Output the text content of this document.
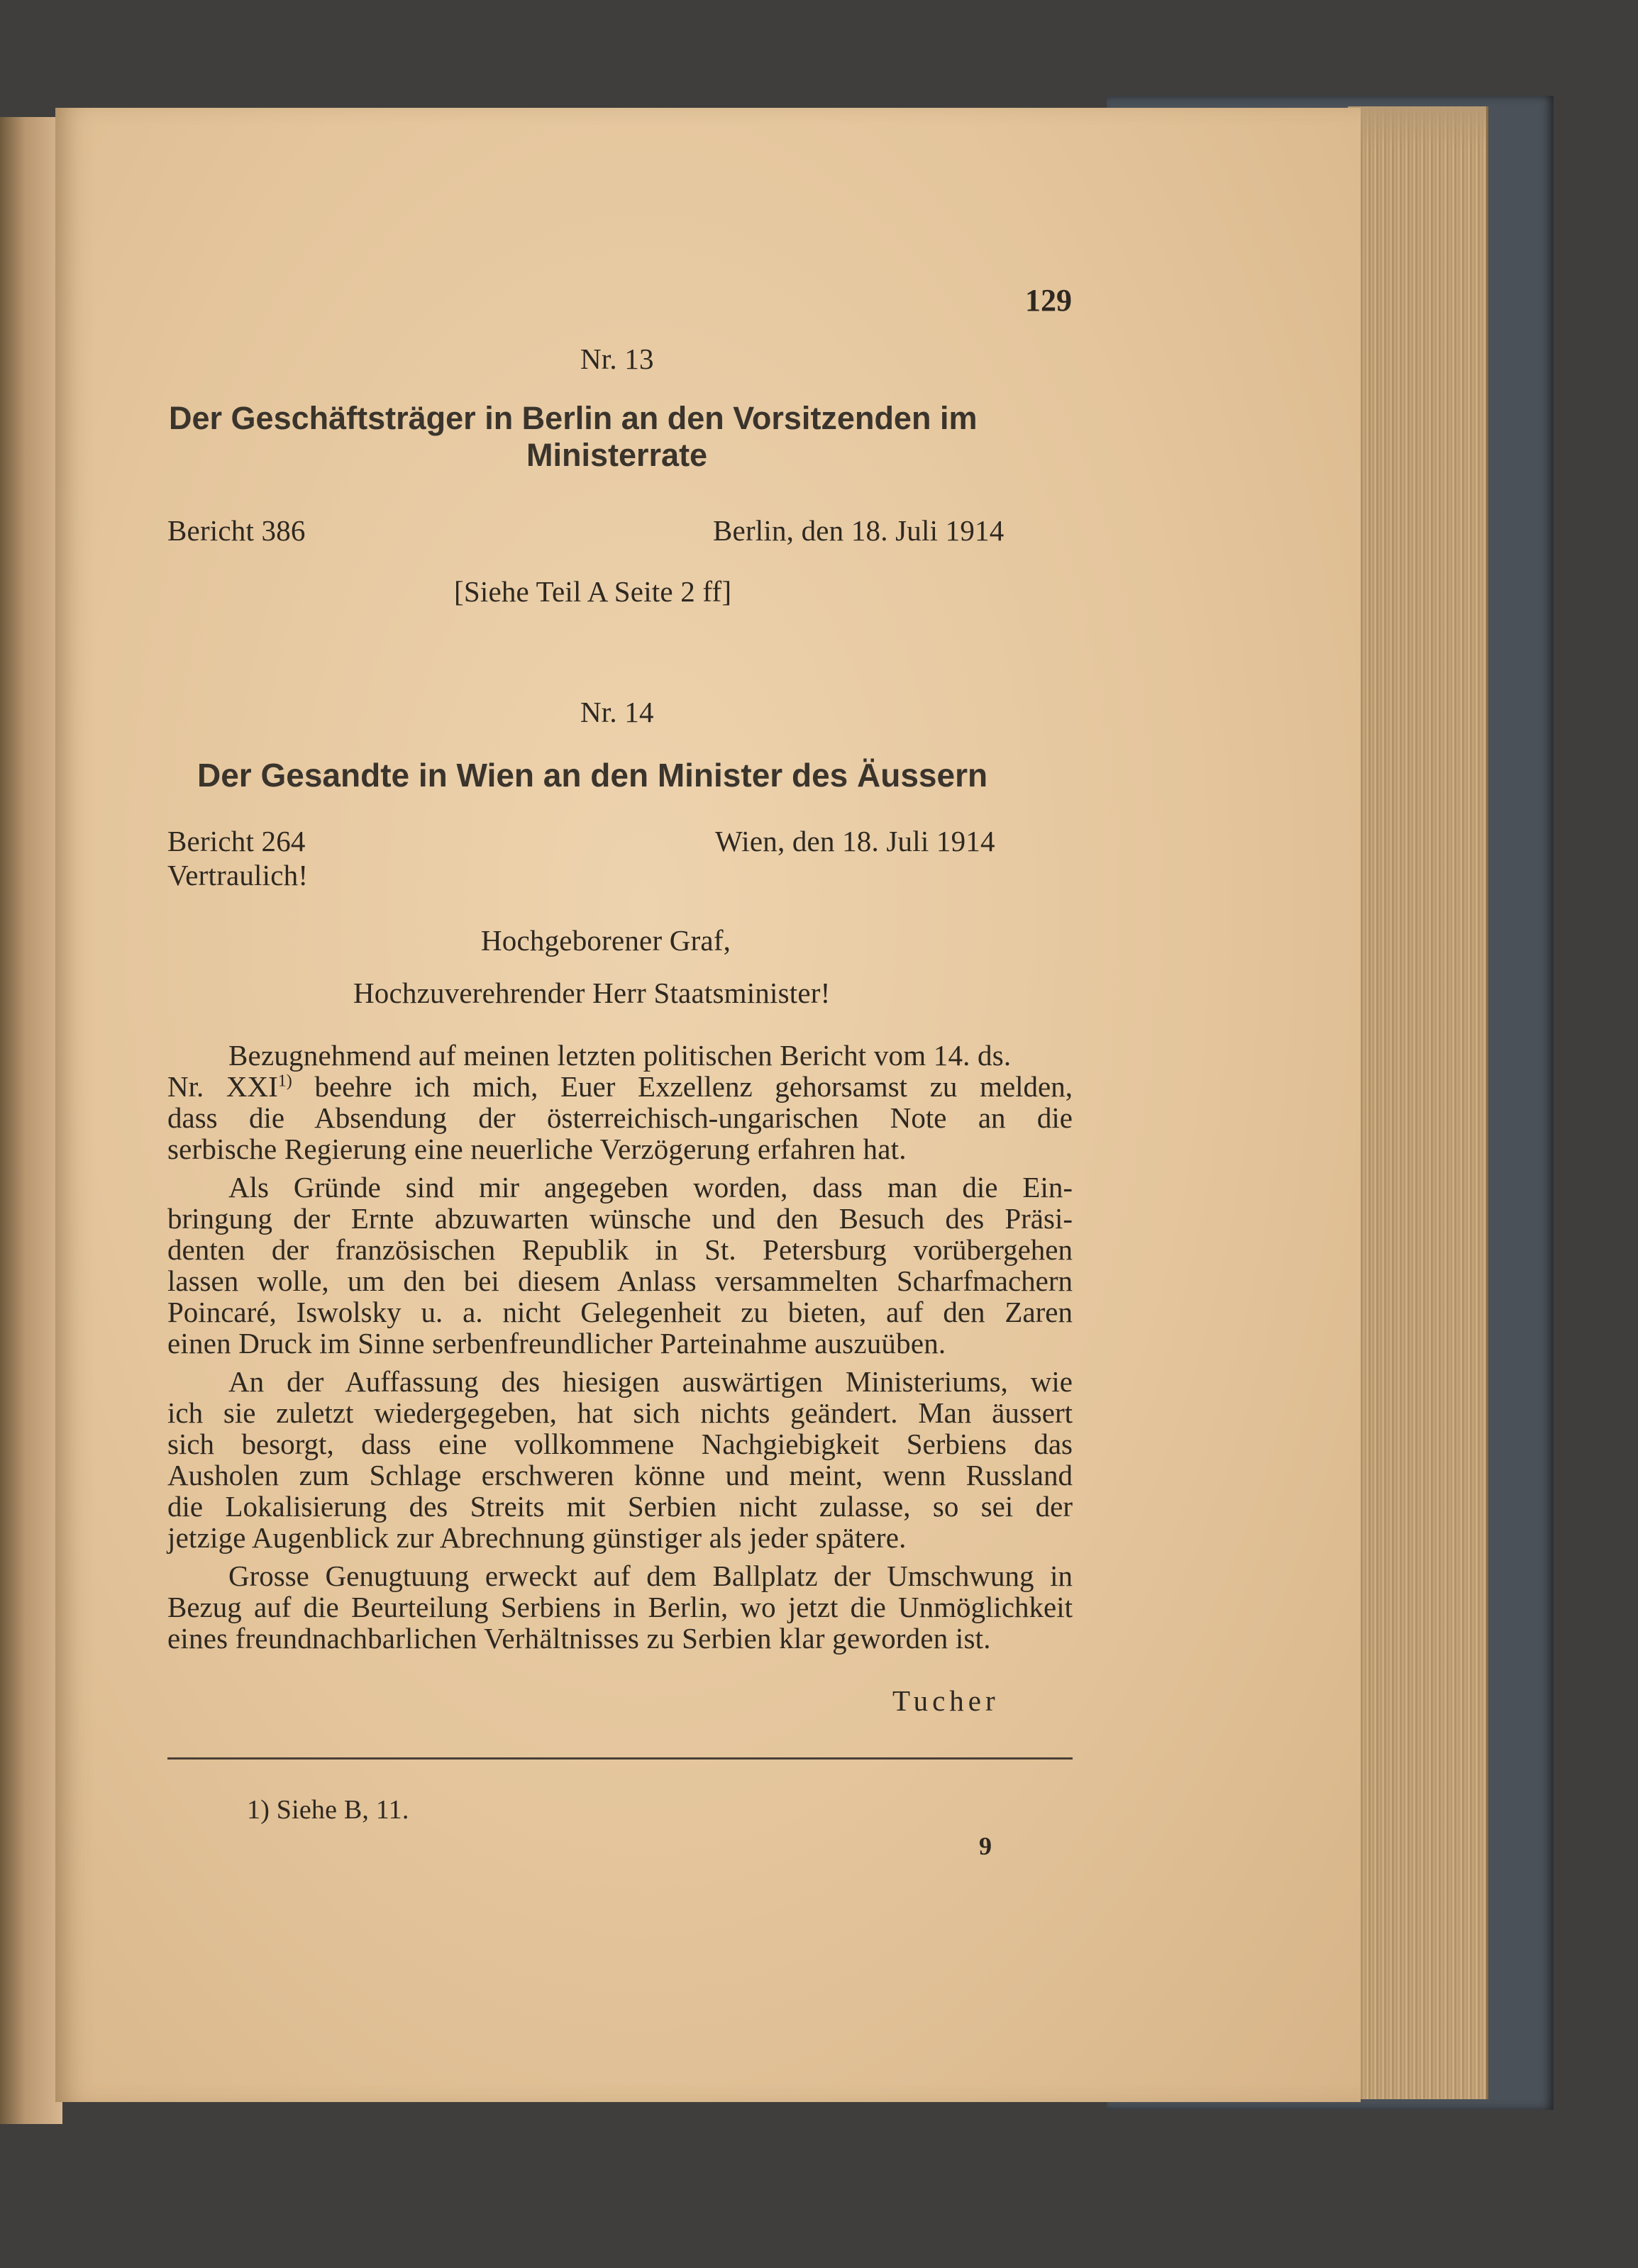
129
Nr. 13
Der Geschäftsträger in Berlin an den Vorsitzenden im
Ministerrate
Bericht 386	Berlin, den 18. Juli 1914
[Siehe Teil A Seite 2 ff]
Nr. 14
Der Gesandte in Wien an den Minister des Äussern
Bericht 264	Wien, den 18. Juli 1914
Vertraulich!
Hochgeborener Graf,
Hochzuverehrender Herr Staatsminister!
Bezugnehmend auf meinen letzten politischen Bericht vom 14. ds.
Nr. XXI$^{1)}$ beehre ich mich, Euer Exzellenz gehorsamst zu melden,
dass die Absendung der österreichisch-ungarischen Note an die
serbische Regierung eine neuerliche Verzögerung erfahren hat.
Als Gründe sind mir angegeben worden, dass man die Ein-
bringung der Ernte abzuwarten wünsche und den Besuch des Präsi-
denten der französischen Republik in St. Petersburg vorübergehen
lassen wolle, um den bei diesem Anlass versammelten Scharfmachern
Poincaré, Iswolsky u. a. nicht Gelegenheit zu bieten, auf den Zaren
einen Druck im Sinne serbenfreundlicher Parteinahme auszuüben.
An der Auffassung des hiesigen auswärtigen Ministeriums, wie
ich sie zuletzt wiedergegeben, hat sich nichts geändert. Man äussert
sich besorgt, dass eine vollkommene Nachgiebigkeit Serbiens das
Ausholen zum Schlage erschweren könne und meint, wenn Russland
die Lokalisierung des Streits mit Serbien nicht zulasse, so sei der
jetzige Augenblick zur Abrechnung günstiger als jeder spätere.
Grosse Genugtuung erweckt auf dem Ballplatz der Umschwung in
Bezug auf die Beurteilung Serbiens in Berlin, wo jetzt die Unmöglichkeit
eines freundnachbarlichen Verhältnisses zu Serbien klar geworden ist.
Tucher
1) Siehe B, 11.
9
